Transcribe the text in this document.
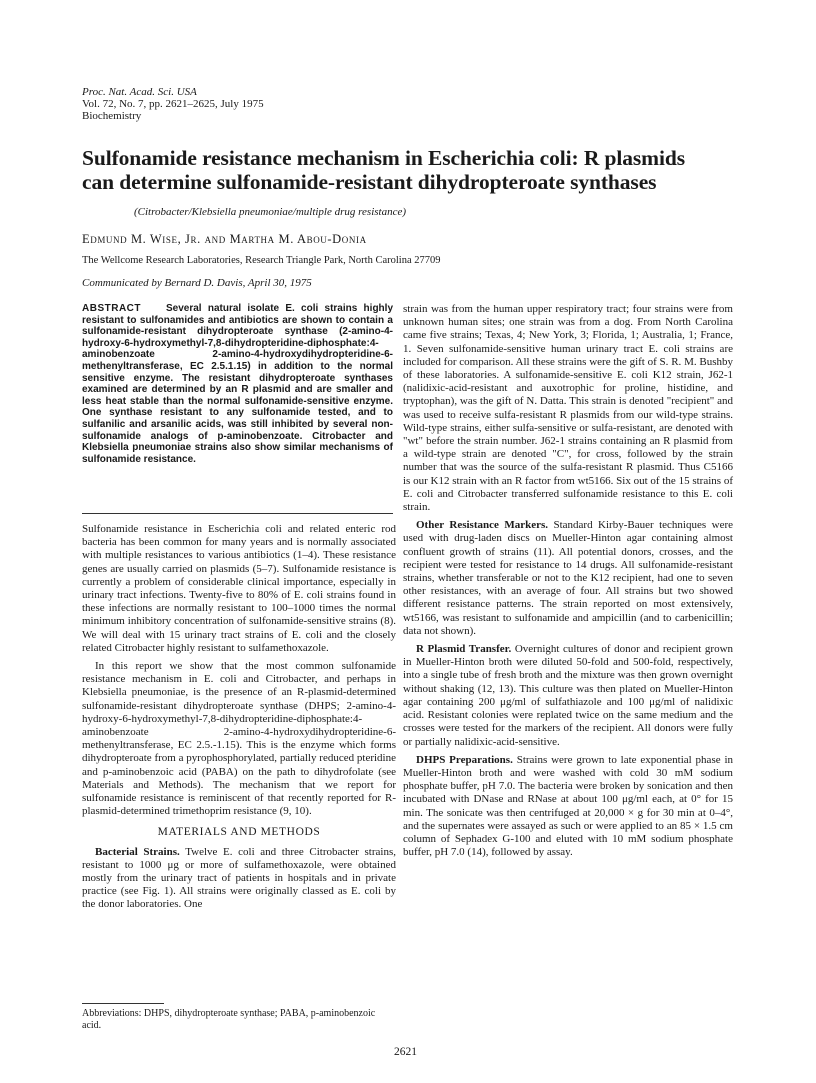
Proc. Nat. Acad. Sci. USA
Vol. 72, No. 7, pp. 2621–2625, July 1975
Biochemistry
Sulfonamide resistance mechanism in Escherichia coli: R plasmids
can determine sulfonamide-resistant dihydropteroate synthases
(Citrobacter/Klebsiella pneumoniae/multiple drug resistance)
Edmund M. Wise, Jr. and Martha M. Abou-Donia
The Wellcome Research Laboratories, Research Triangle Park, North Carolina 27709
Communicated by Bernard D. Davis, April 30, 1975
ABSTRACT	Several natural isolate E. coli strains highly resistant to sulfonamides and antibiotics are shown to contain a sulfonamide-resistant dihydropteroate synthase (2-amino-4-hydroxy-6-hydroxymethyl-7,8-dihydropteridine-diphosphate:4-aminobenzoate 2-amino-4-hydroxydihydropteridine-6-methenyltransferase, EC 2.5.1.15) in addition to the normal sensitive enzyme. The resistant dihydropteroate synthases examined are determined by an R plasmid and are smaller and less heat stable than the normal sulfonamide-sensitive enzyme. One synthase resistant to any sulfonamide tested, and to sulfanilic and arsanilic acids, was still inhibited by several non-sulfonamide analogs of p-aminobenzoate. Citrobacter and Klebsiella pneumoniae strains also show similar mechanisms of sulfonamide resistance.

Sulfonamide resistance in Escherichia coli and related enteric rod bacteria has been common for many years and is normally associated with multiple resistances to various antibiotics (1–4). These resistance genes are usually carried on plasmids (5–7). Sulfonamide resistance is currently a problem of considerable clinical importance, especially in urinary tract infections. Twenty-five to 80% of E. coli strains found in these infections are normally resistant to 100–1000 times the normal minimum inhibitory concentration of sulfonamide-sensitive strains (8). We will deal with 15 urinary tract strains of E. coli and the closely related Citrobacter highly resistant to sulfamethoxazole.

In this report we show that the most common sulfonamide resistance mechanism in E. coli and Citrobacter, and perhaps in Klebsiella pneumoniae, is the presence of an R-plasmid-determined sulfonamide-resistant dihydropteroate synthase (DHPS; 2-amino-4-hydroxy-6-hydroxymethyl-7,8-dihydropteridine-diphosphate:4-aminobenzoate 2-amino-4-hydroxydihydropteridine-6-methenyltransferase, EC 2.5.-1.15). This is the enzyme which forms dihydropteroate from a pyrophosphorylated, partially reduced pteridine and p-aminobenzoic acid (PABA) on the path to dihydrofolate (see Materials and Methods). The mechanism that we report for sulfonamide resistance is reminiscent of that recently reported for R-plasmid-determined trimethoprim resistance (9, 10).

MATERIALS AND METHODS

Bacterial Strains. Twelve E. coli and three Citrobacter strains, resistant to 1000 μg or more of sulfamethoxazole, were obtained mostly from the urinary tract of patients in hospitals and in private practice (see Fig. 1). All strains were originally classed as E. coli by the donor laboratories. One

strain was from the human upper respiratory tract; four strains were from unknown human sites; one strain was from a dog. From North Carolina came five strains; Texas, 4; New York, 3; Florida, 1; Australia, 1; France, 1. Seven sulfonamide-sensitive human urinary tract E. coli strains are included for comparison. All these strains were the gift of S. R. M. Bushby of these laboratories. A sulfonamide-sensitive E. coli K12 strain, J62-1 (nalidixic-acid-resistant and auxotrophic for proline, histidine, and tryptophan), was the gift of N. Datta. This strain is denoted "recipient" and was used to receive sulfa-resistant R plasmids from our wild-type strains. Wild-type strains, either sulfa-sensitive or sulfa-resistant, are denoted with "wt" before the strain number. J62-1 strains containing an R plasmid from a wild-type strain are denoted "C", for cross, followed by the strain number that was the source of the sulfa-resistant R plasmid. Thus C5166 is our K12 strain with an R factor from wt5166. Six out of the 15 strains of E. coli and Citrobacter transferred sulfonamide resistance to this E. coli strain.

Other Resistance Markers. Standard Kirby-Bauer techniques were used with drug-laden discs on Mueller-Hinton agar containing almost confluent growth of strains (11). All potential donors, crosses, and the recipient were tested for resistance to 14 drugs. All sulfonamide-resistant strains, whether transferable or not to the K12 recipient, had one to seven other resistances, with an average of four. All strains but two showed different resistance patterns. The strain reported on most extensively, wt5166, was resistant to sulfonamide and ampicillin (and to carbenicillin; data not shown).

R Plasmid Transfer. Overnight cultures of donor and recipient grown in Mueller-Hinton broth were diluted 50-fold and 500-fold, respectively, into a single tube of fresh broth and the mixture was then grown overnight without shaking (12, 13). This culture was then plated on Mueller-Hinton agar containing 200 μg/ml of sulfathiazole and 100 μg/ml of nalidixic acid. Resistant colonies were replated twice on the same medium and the crosses were tested for the markers of the recipient. All donors were fully or partially nalidixic-acid-sensitive.

DHPS Preparations. Strains were grown to late exponential phase in Mueller-Hinton broth and were washed with cold 30 mM sodium phosphate buffer, pH 7.0. The bacteria were broken by sonication and then incubated with DNase and RNase at about 100 μg/ml each, at 0° for 15 min. The sonicate was then centrifuged at 20,000 × g for 30 min at 0–4°, and the supernates were assayed as such or were applied to an 85 × 1.5 cm column of Sephadex G-100 and eluted with 10 mM sodium phosphate buffer, pH 7.0 (14), followed by assay.

Abbreviations: DHPS, dihydropteroate synthase; PABA, p-aminobenzoic acid.
2621
